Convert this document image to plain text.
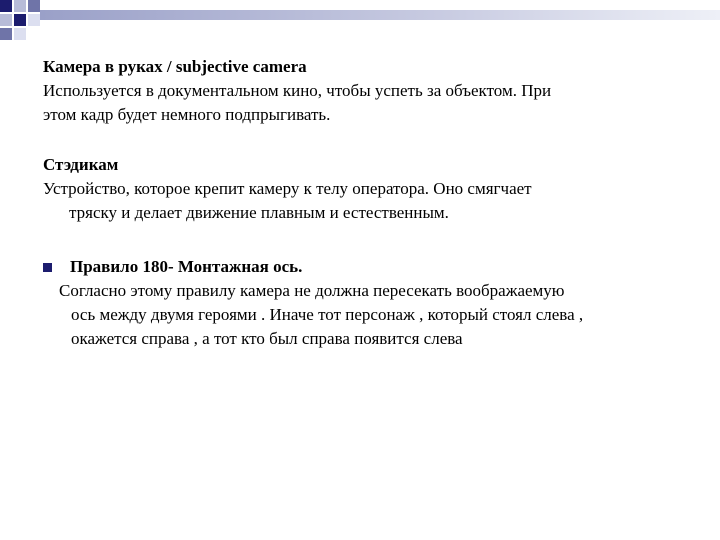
Камера в руках / subjective camera
Используется в документальном кино, чтобы успеть за объектом. При
этом кадр будет немного подпрыгивать.
Стэдикам
Устройство, которое крепит камеру к телу оператора. Оно смягчает
тряску и делает движение плавным и естественным.
Правило 180- Монтажная ось.
Согласно этому правилу камера не должна пересекать воображаемую
ось между двумя героями . Иначе тот персонаж , который стоял слева ,
окажется справа , а тот кто был справа появится слева
